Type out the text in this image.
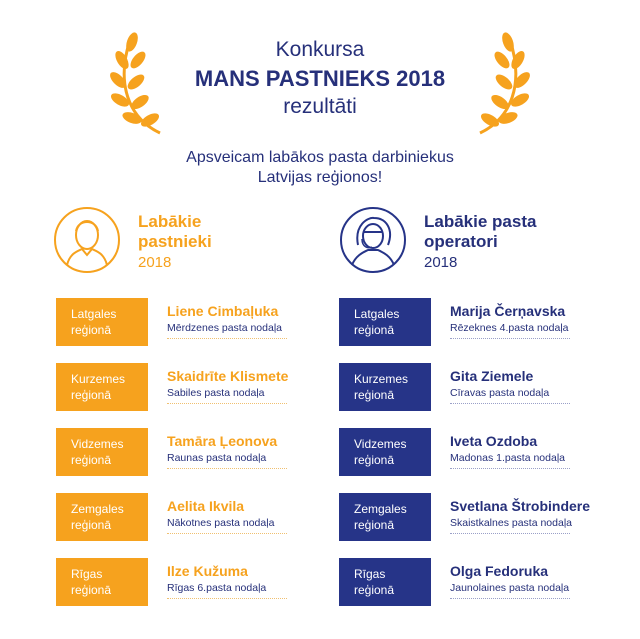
Konkursa
MANS PASTNIEKS 2018
rezultāti
Apsveicam labākos pasta darbiniekus
Latvijas reģionos!
Labākie
pastnieki
2018
Labākie pasta
operatori
2018
Latgales
reģionā
Liene Cimbaļuka
Mērdzenes pasta nodaļa
Kurzemes
reģionā
Skaidrīte Klismete
Sabiles pasta nodaļa
Vidzemes
reģionā
Tamāra Ļeonova
Raunas pasta nodaļa
Zemgales
reģionā
Aelita Ikvila
Nākotnes pasta nodaļa
Rīgas
reģionā
Ilze Kužuma
Rīgas 6.pasta nodaļa
Latgales
reģionā
Marija Čerņavska
Rēzeknes 4.pasta nodaļa
Kurzemes
reģionā
Gita Ziemele
Cīravas pasta nodaļa
Vidzemes
reģionā
Iveta Ozdoba
Madonas 1.pasta nodaļa
Zemgales
reģionā
Svetlana Štrobindere
Skaistkalnes pasta nodaļa
Rīgas
reģionā
Olga Fedoruka
Jaunolaines pasta nodaļa
